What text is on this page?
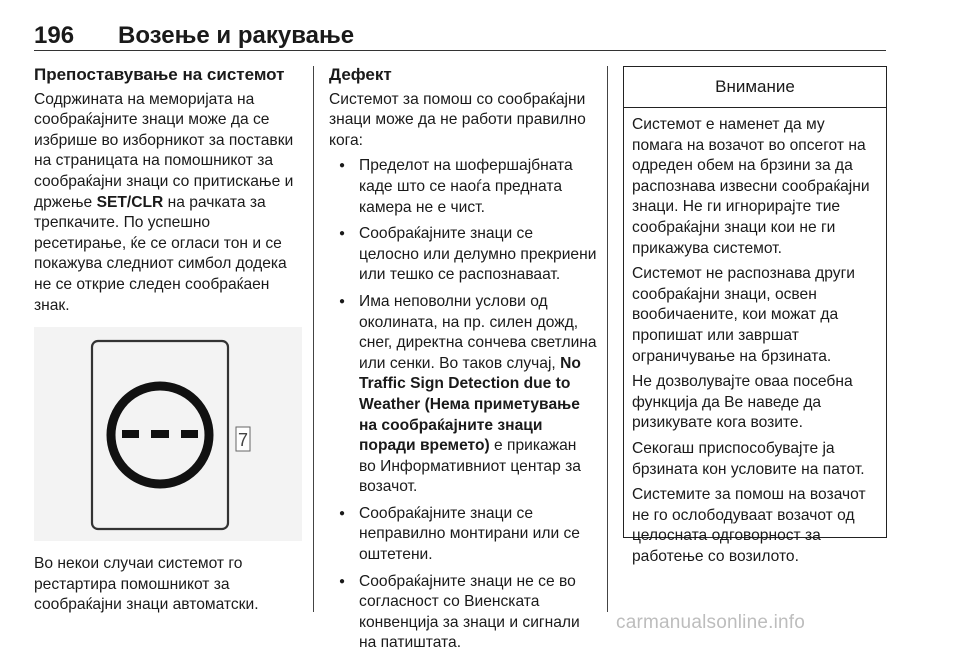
196 Возење и ракување
Препоставување на системот

Содржината на меморијата на сообраќајните знаци може да се избрише во изборникот за поставки на страницата на помошникот за сообраќајни знаци со притискање и држење SET/CLR на рачката за трепкачите. По успешно ресетирање, ќе се огласи тон и се покажува следниот симбол додека не се открие следен сообраќаен знак.

7

Во некои случаи системот го рестартира помошникот за сообраќајни знаци автоматски.

Дефект

Системот за помош со сообраќајни знаци може да не работи правилно кога:

● Пределот на шофершајбната каде што се наоѓа предната камера не е чист.
● Сообраќајните знаци се целосно или делумно прекриени или тешко се распознаваат.
● Има неповолни услови од околината, на пр. силен дожд, снег, директна сончева светлина или сенки. Во таков случај, No Traffic Sign Detection due to Weather (Нема приметување на сообраќајните знаци поради времето) е прикажан во Информативниот центар за возачот.
● Сообраќајните знаци се неправилно монтирани или се оштетени.
● Сообраќајните знаци не се во согласност со Виенската конвенција за знаци и сигнали на патиштата.
Внимание

Системот е наменет да му помага на возачот во опсегот на одреден обем на брзини за да распознава извесни сообраќајни знаци. Не ги игнорирајте тие сообраќајни знаци кои не ги прикажува системот.

Системот не распознава други сообраќајни знаци, освен вообичаените, кои можат да пропишат или завршат ограничување на брзината.

Не дозволувајте оваа посебна функција да Ве наведе да ризикувате кога возите.

Секогаш приспособувајте ја брзината кон условите на патот.

Системите за помош на возачот не го ослободуваат возачот од целосната одговорност за работење со возилото.

carmanualsonline.info
